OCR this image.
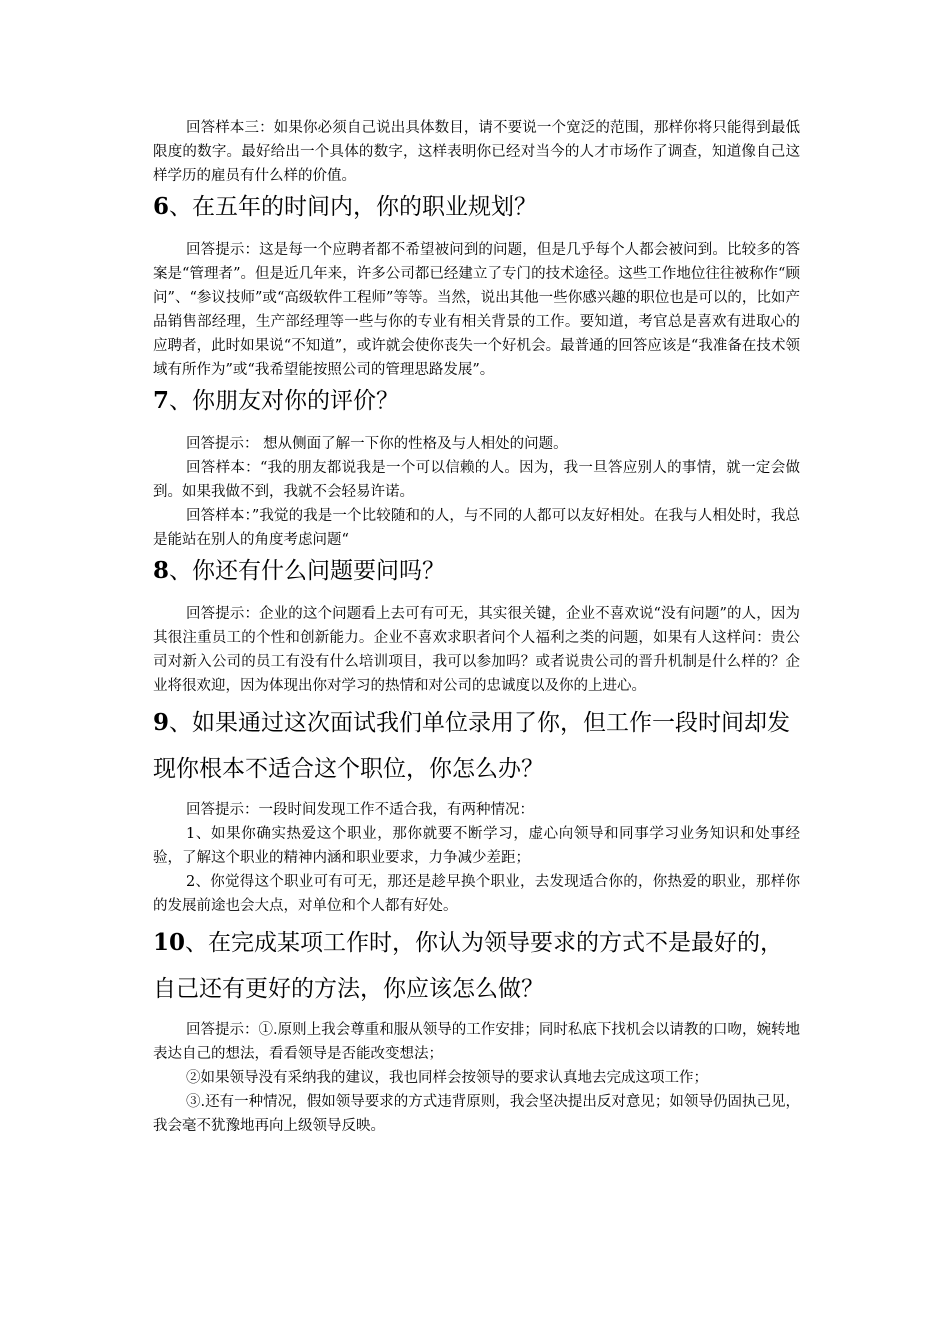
回答样本三：如果你必须自己说出具体数目，请不要说一个宽泛的范围，那样你将只能得到最低限度的数字。最好给出一个具体的数字，这样表明你已经对当今的人才市场作了调查，知道像自己这样学历的雇员有什么样的价值。

6、在五年的时间内，你的职业规划？

回答提示：这是每一个应聘者都不希望被问到的问题，但是几乎每个人都会被问到。比较多的答案是“管理者”。但是近几年来，许多公司都已经建立了专门的技术途径。这些工作地位往往被称作“顾问”、“参议技师”或“高级软件工程师”等等。当然，说出其他一些你感兴趣的职位也是可以的，比如产品销售部经理，生产部经理等一些与你的专业有相关背景的工作。要知道，考官总是喜欢有进取心的应聘者，此时如果说“不知道”，或许就会使你丧失一个好机会。最普通的回答应该是“我准备在技术领域有所作为”或“我希望能按照公司的管理思路发展”。

7、你朋友对你的评价？

回答提示： 想从侧面了解一下你的性格及与人相处的问题。

回答样本：“我的朋友都说我是一个可以信赖的人。因为，我一旦答应别人的事情，就一定会做到。如果我做不到，我就不会轻易许诺。

回答样本：”我觉的我是一个比较随和的人，与不同的人都可以友好相处。在我与人相处时，我总是能站在别人的角度考虑问题“

8、你还有什么问题要问吗？

回答提示：企业的这个问题看上去可有可无，其实很关键，企业不喜欢说“没有问题”的人，因为其很注重员工的个性和创新能力。企业不喜欢求职者问个人福利之类的问题，如果有人这样问：贵公司对新入公司的员工有没有什么培训项目，我可以参加吗？或者说贵公司的晋升机制是什么样的？企业将很欢迎，因为体现出你对学习的热情和对公司的忠诚度以及你的上进心。

9、如果通过这次面试我们单位录用了你，但工作一段时间却发现你根本不适合这个职位，你怎么办？

回答提示：一段时间发现工作不适合我，有两种情况：

1、如果你确实热爱这个职业，那你就要不断学习，虚心向领导和同事学习业务知识和处事经验，了解这个职业的精神内涵和职业要求，力争减少差距；

2、你觉得这个职业可有可无，那还是趁早换个职业，去发现适合你的，你热爱的职业，那样你的发展前途也会大点，对单位和个人都有好处。

10、在完成某项工作时，你认为领导要求的方式不是最好的，自己还有更好的方法，你应该怎么做？

回答提示：①.原则上我会尊重和服从领导的工作安排；同时私底下找机会以请教的口吻，婉转地表达自己的想法，看看领导是否能改变想法；

②如果领导没有采纳我的建议，我也同样会按领导的要求认真地去完成这项工作；

③.还有一种情况，假如领导要求的方式违背原则，我会坚决提出反对意见；如领导仍固执己见，我会毫不犹豫地再向上级领导反映。
